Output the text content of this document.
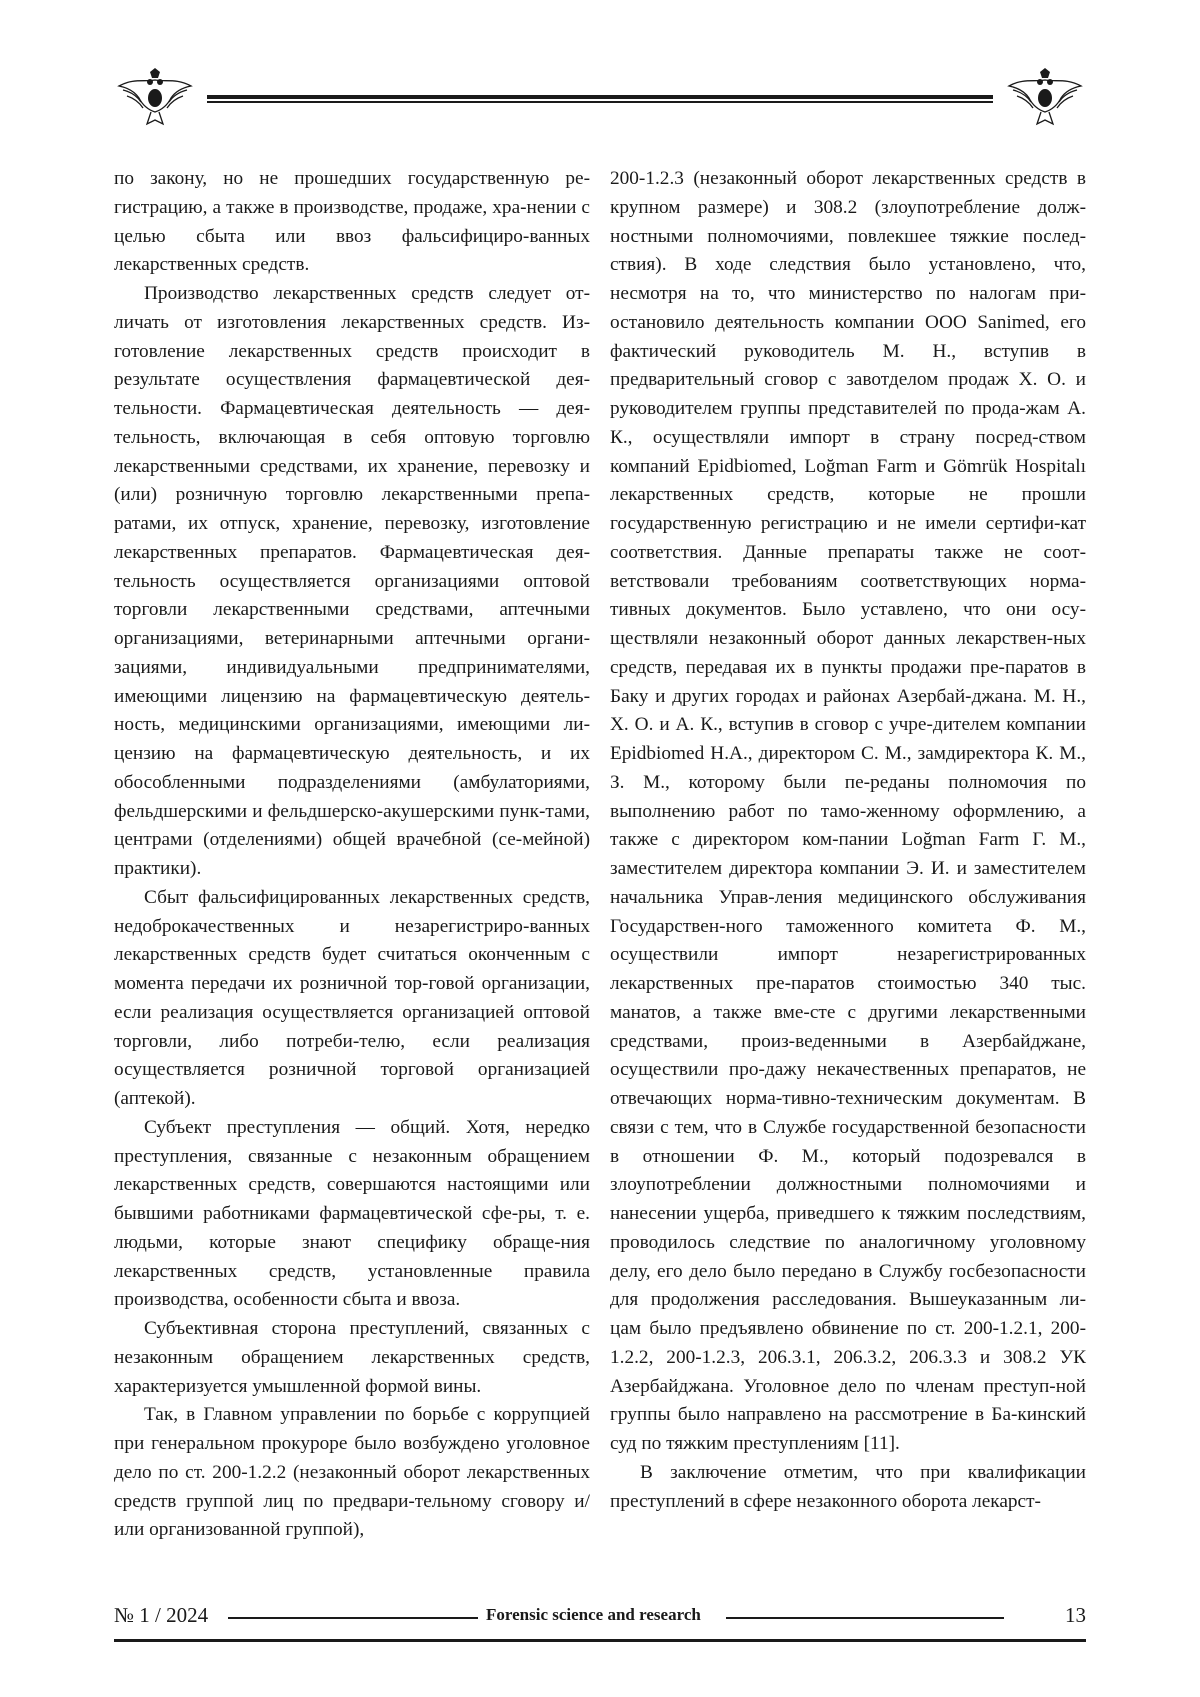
по закону, но не прошедших государственную ре-гистрацию, а также в производстве, продаже, хра-нении с целью сбыта или ввоз фальсифициро-ванных лекарственных средств.

Производство лекарственных средств следует от-личать от изготовления лекарственных средств. Из-готовление лекарственных средств происходит в результате осуществления фармацевтической дея-тельности. Фармацевтическая деятельность — дея-тельность, включающая в себя оптовую торговлю лекарственными средствами, их хранение, перевозку и (или) розничную торговлю лекарственными препа-ратами, их отпуск, хранение, перевозку, изготовление лекарственных препаратов. Фармацевтическая дея-тельность осуществляется организациями оптовой торговли лекарственными средствами, аптечными организациями, ветеринарными аптечными органи-зациями, индивидуальными предпринимателями, имеющими лицензию на фармацевтическую деятель-ность, медицинскими организациями, имеющими ли-цензию на фармацевтическую деятельность, и их обособленными подразделениями (амбулаториями, фельдшерскими и фельдшерско-акушерскими пунк-тами, центрами (отделениями) общей врачебной (се-мейной) практики).

Сбыт фальсифицированных лекарственных средств, недоброкачественных и незарегистриро-ванных лекарственных средств будет считаться оконченным с момента передачи их розничной тор-говой организации, если реализация осуществляется организацией оптовой торговли, либо потреби-телю, если реализация осуществляется розничной торговой организацией (аптекой).

Субъект преступления — общий. Хотя, нередко преступления, связанные с незаконным обращением лекарственных средств, совершаются настоящими или бывшими работниками фармацевтической сфе-ры, т. е. людьми, которые знают специфику обраще-ния лекарственных средств, установленные правила производства, особенности сбыта и ввоза.

Субъективная сторона преступлений, связанных с незаконным обращением лекарственных средств, характеризуется умышленной формой вины.

Так, в Главном управлении по борьбе с коррупцией при генеральном прокуроре было возбуждено уголовное дело по ст. 200-1.2.2 (незаконный оборот лекарственных средств группой лиц по предвари-тельному сговору и/или организованной группой),

200-1.2.3 (незаконный оборот лекарственных средств в крупном размере) и 308.2 (злоупотребление долж-ностными полномочиями, повлекшее тяжкие послед-ствия). В ходе следствия было установлено, что, несмотря на то, что министерство по налогам при-остановило деятельность компании ООО Sanimed, его фактический руководитель М. Н., вступив в предварительный сговор с завотделом продаж Х. О. и руководителем группы представителей по прода-жам А. К., осуществляли импорт в страну посред-ством компаний Epidbiomed, Loğman Farm и Gömrük Hospitalı лекарственных средств, которые не прошли государственную регистрацию и не имели сертифи-кат соответствия. Данные препараты также не соот-ветствовали требованиям соответствующих норма-тивных документов. Было уставлено, что они осу-ществляли незаконный оборот данных лекарствен-ных средств, передавая их в пункты продажи пре-паратов в Баку и других городах и районах Азербай-джана. М. Н., Х. О. и А. К., вступив в сговор с учре-дителем компании Epidbiomed Н.А., директором С. М., замдиректора К. М., З. М., которому были пе-реданы полномочия по выполнению работ по тамо-женному оформлению, а также с директором ком-пании Loğman Farm Г. М., заместителем директора компании Э. И. и заместителем начальника Управ-ления медицинского обслуживания Государствен-ного таможенного комитета Ф. М., осуществили импорт незарегистрированных лекарственных пре-паратов стоимостью 340 тыс. манатов, а также вме-сте с другими лекарственными средствами, произ-веденными в Азербайджане, осуществили про-дажу некачественных препаратов, не отвечающих норма-тивно-техническим документам. В связи с тем, что в Службе государственной безопасности в отношении Ф. М., который подозревался в злоупотреблении должностными полномочиями и нанесении ущерба, приведшего к тяжким последствиям, проводилось следствие по аналогичному уголовному делу, его дело было передано в Службу госбезопасности для продолжения расследования. Вышеуказанным ли-цам было предъявлено обвинение по ст. 200-1.2.1, 200-1.2.2, 200-1.2.3, 206.3.1, 206.3.2, 206.3.3 и 308.2 УК Азербайджана. Уголовное дело по членам преступ-ной группы было направлено на рассмотрение в Ба-кинский суд по тяжким преступлениям [11].

В заключение отметим, что при квалификации преступлений в сфере незаконного оборота лекарст-

№ 1 / 2024	Forensic science and research	13
